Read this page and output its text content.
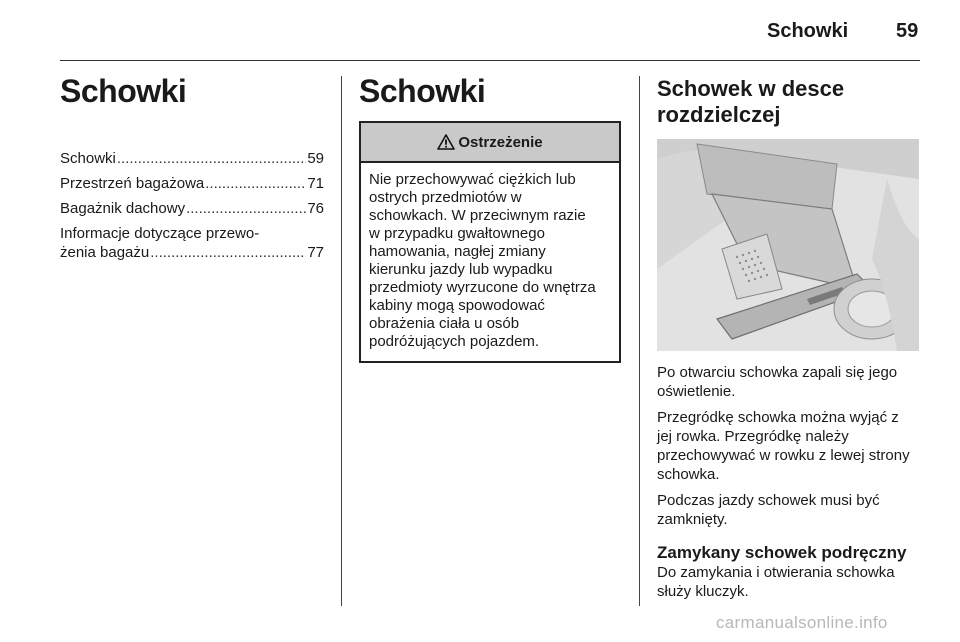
Schowki 59
Schowki
Schowki .....	59
Przestrzeń bagażowa .....	71
Bagażnik dachowy .....	76
Informacje dotyczące przewo-
żenia bagażu .....	77
Schowki
Ostrzeżenie
Nie przechowywać ciężkich lub
ostrych przedmiotów w
schowkach. W przeciwnym razie
w przypadku gwałtownego
hamowania, nagłej zmiany
kierunku jazdy lub wypadku
przedmioty wyrzucone do wnętrza
kabiny mogą spowodować
obrażenia ciała u osób
podróżujących pojazdem.
Schowek w desce
rozdzielczej
Po otwarciu schowka zapali się jego
oświetlenie.
Przegródkę schowka można wyjąć z
jej rowka. Przegródkę należy
przechowywać w rowku z lewej strony
schowka.
Podczas jazdy schowek musi być
zamknięty.
Zamykany schowek podręczny
Do zamykania i otwierania schowka
służy kluczyk.
carmanualsonline.info
